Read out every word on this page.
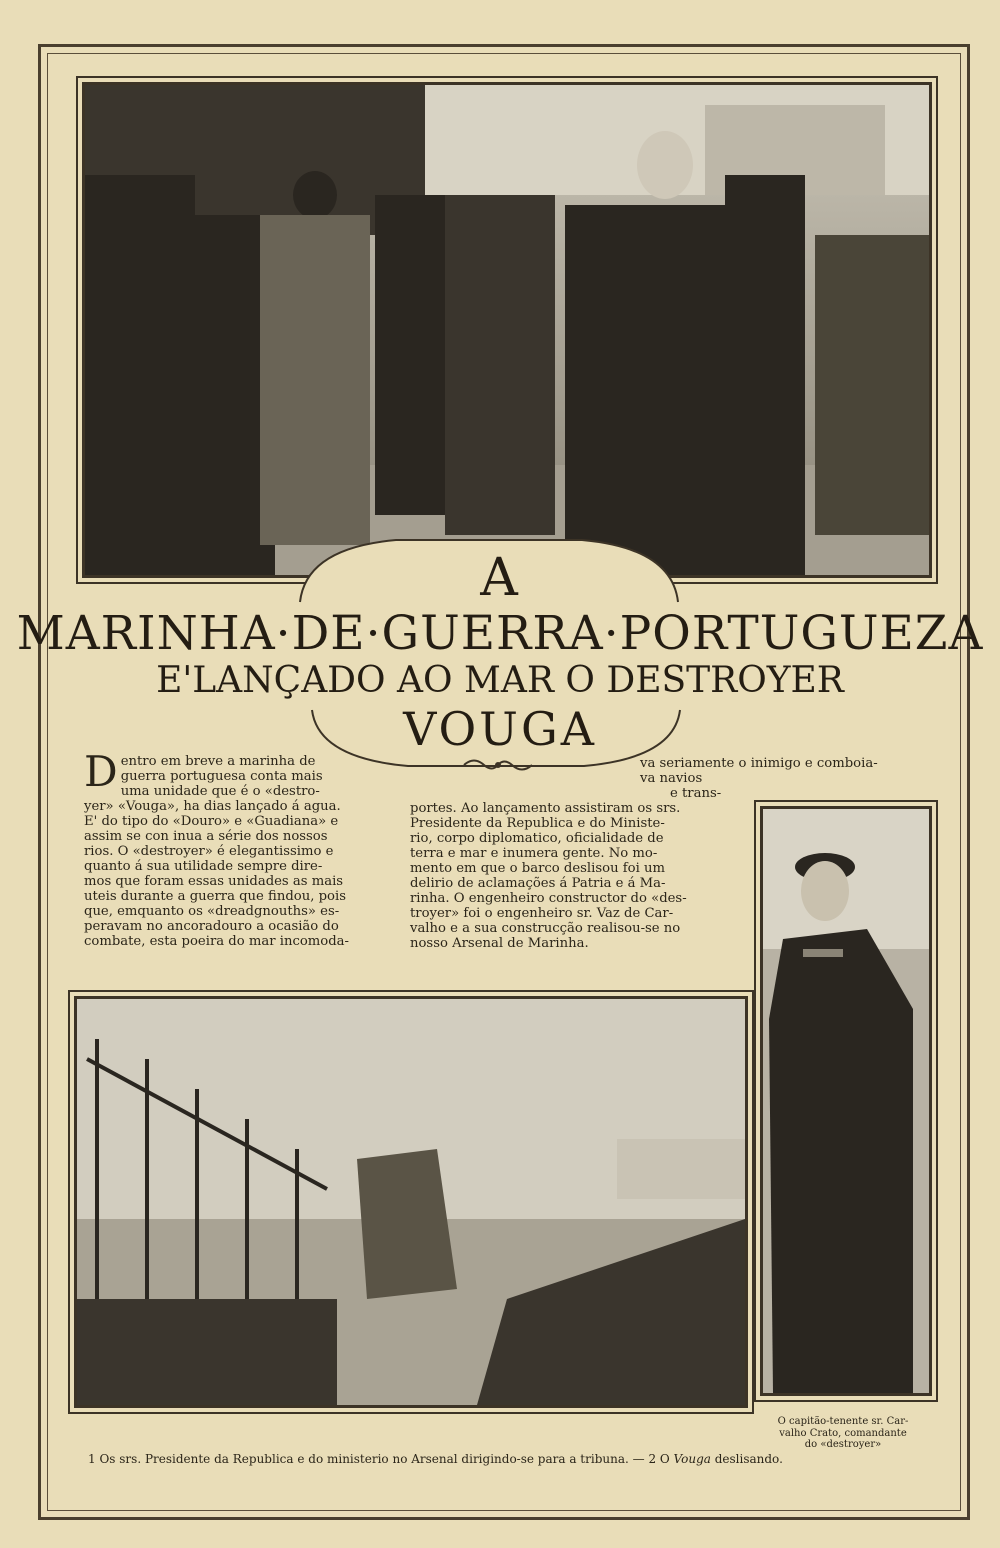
A
MARINHA·DE·GUERRA·PORTUGUEZA
E'LANÇADO AO MAR O DESTROYER
VOUGA
D entro em breve a marinha de
guerra portuguesa conta mais
uma unidade que é o «destro-
yer» «Vouga», ha dias lançado á agua.
E' do tipo do «Douro» e «Guadiana» e
assim se con inua a série dos nossos
rios. O «destroyer» é elegantissimo e
quanto á sua utilidade sempre dire-
mos que foram essas unidades as mais
uteis durante a guerra que findou, pois
que, emquanto os «dreadgnouths» es-
peravam no ancoradouro a ocasião do
combate, esta poeira do mar incomoda-
va seriamente o inimigo e comboia-
va navios
e trans-
portes. Ao lançamento assistiram os srs.
Presidente da Republica e do Ministe-
rio, corpo diplomatico, oficialidade de
terra e mar e inumera gente. No mo-
mento em que o barco deslisou foi um
delirio de aclamações á Patria e á Ma-
rinha. O engenheiro constructor do «des-
troyer» foi o engenheiro sr. Vaz de Car-
valho e a sua construcção realisou-se no
nosso Arsenal de Marinha.
O capitão-tenente sr. Car-
valho Crato, comandante
do «destroyer»
1 Os srs. Presidente da Republica e do ministerio no Arsenal dirigindo-se para a tribuna. — 2 O Vouga deslisando.
